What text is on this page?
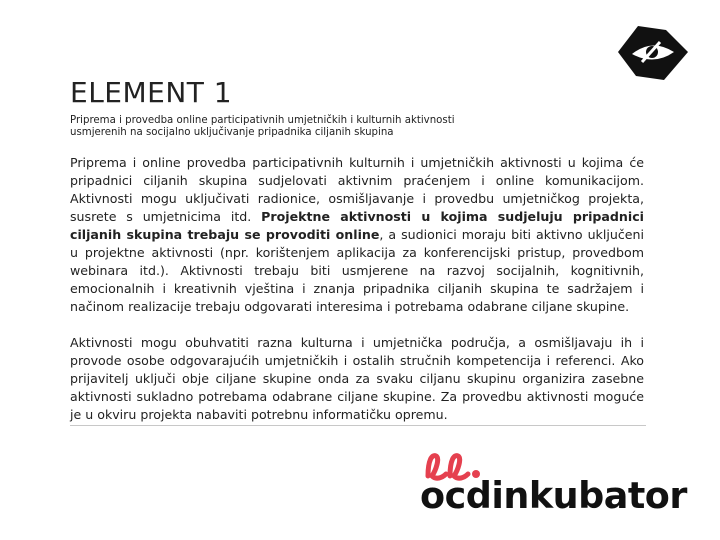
ELEMENT 1

Priprema i provedba online participativnih umjetničkih i kulturnih aktivnosti usmjerenih na socijalno uključivanje pripadnika ciljanih skupina

Priprema i online provedba participativnih kulturnih i umjetničkih aktivnosti u kojima će pripadnici ciljanih skupina sudjelovati aktivnim praćenjem i online komunikacijom. Aktivnosti mogu uključivati radionice, osmišljavanje i provedbu umjetničkog projekta, susrete s umjetnicima itd. Projektne aktivnosti u kojima sudjeluju pripadnici ciljanih skupina trebaju se provoditi online, a sudionici moraju biti aktivno uključeni u projektne aktivnosti (npr. korištenjem aplikacija za konferencijski pristup, provedbom webinara itd.). Aktivnosti trebaju biti usmjerene na razvoj socijalnih, kognitivnih, emocionalnih i kreativnih vještina i znanja pripadnika ciljanih skupina te sadržajem i načinom realizacije trebaju odgovarati interesima i potrebama odabrane ciljane skupine.

Aktivnosti mogu obuhvatiti razna kulturna i umjetnička područja, a osmišljavaju ih i provode osobe odgovarajućih umjetničkih i ostalih stručnih kompetencija i referenci. Ako prijavitelj uključi obje ciljane skupine onda za svaku ciljanu skupinu organizira zasebne aktivnosti sukladno potrebama odabrane ciljane skupine. Za provedbu aktivnosti moguće je u okviru projekta nabaviti potrebnu informatičku opremu.

ocdinkubator
